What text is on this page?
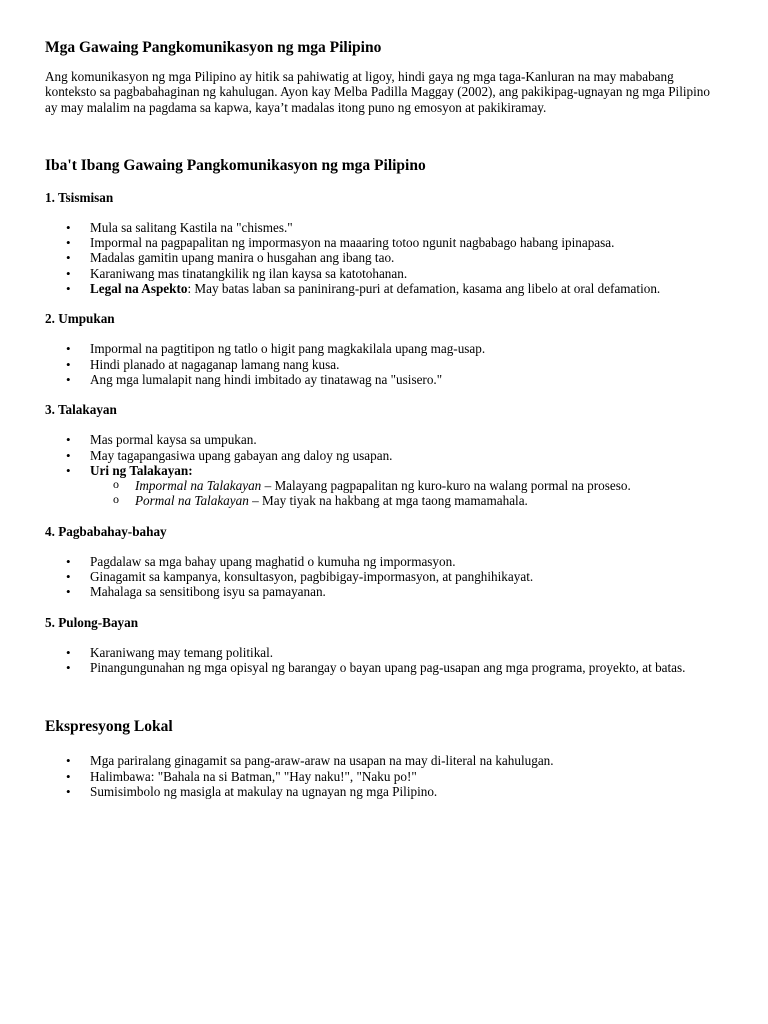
Mga Gawaing Pangkomunikasyon ng mga Pilipino

Ang komunikasyon ng mga Pilipino ay hitik sa pahiwatig at ligoy, hindi gaya ng mga taga-Kanluran na may mababang konteksto sa pagbabahaginan ng kahulugan. Ayon kay Melba Padilla Maggay (2002), ang pakikipag-ugnayan ng mga Pilipino ay may malalim na pagdama sa kapwa, kaya’t madalas itong puno ng emosyon at pakikiramay.

Iba't Ibang Gawaing Pangkomunikasyon ng mga Pilipino
1. Tsismisan
• Mula sa salitang Kastila na "chismes."
• Impormal na pagpapalitan ng impormasyon na maaaring totoo ngunit nagbabago habang ipinapasa.
• Madalas gamitin upang manira o husgahan ang ibang tao.
• Karaniwang mas tinatangkilik ng ilan kaysa sa katotohanan.
• Legal na Aspekto: May batas laban sa paninirang-puri at defamation, kasama ang libelo at oral defamation.
2. Umpukan
• Impormal na pagtitipon ng tatlo o higit pang magkakilala upang mag-usap.
• Hindi planado at nagaganap lamang nang kusa.
• Ang mga lumalapit nang hindi imbitado ay tinatawag na "usisero."
3. Talakayan
• Mas pormal kaysa sa umpukan.
• May tagapangasiwa upang gabayan ang daloy ng usapan.
• Uri ng Talakayan:
o Impormal na Talakayan – Malayang pagpapalitan ng kuro-kuro na walang pormal na proseso.
o Pormal na Talakayan – May tiyak na hakbang at mga taong mamamahala.
4. Pagbabahay-bahay
• Pagdalaw sa mga bahay upang maghatid o kumuha ng impormasyon.
• Ginagamit sa kampanya, konsultasyon, pagbibigay-impormasyon, at panghihikayat.
• Mahalaga sa sensitibong isyu sa pamayanan.
5. Pulong-Bayan
• Karaniwang may temang politikal.
• Pinangungunahan ng mga opisyal ng barangay o bayan upang pag-usapan ang mga programa, proyekto, at batas.
Ekspresyong Lokal
• Mga pariralang ginagamit sa pang-araw-araw na usapan na may di-literal na kahulugan.
• Halimbawa: "Bahala na si Batman," "Hay naku!", "Naku po!"
• Sumisimbolo ng masigla at makulay na ugnayan ng mga Pilipino.
